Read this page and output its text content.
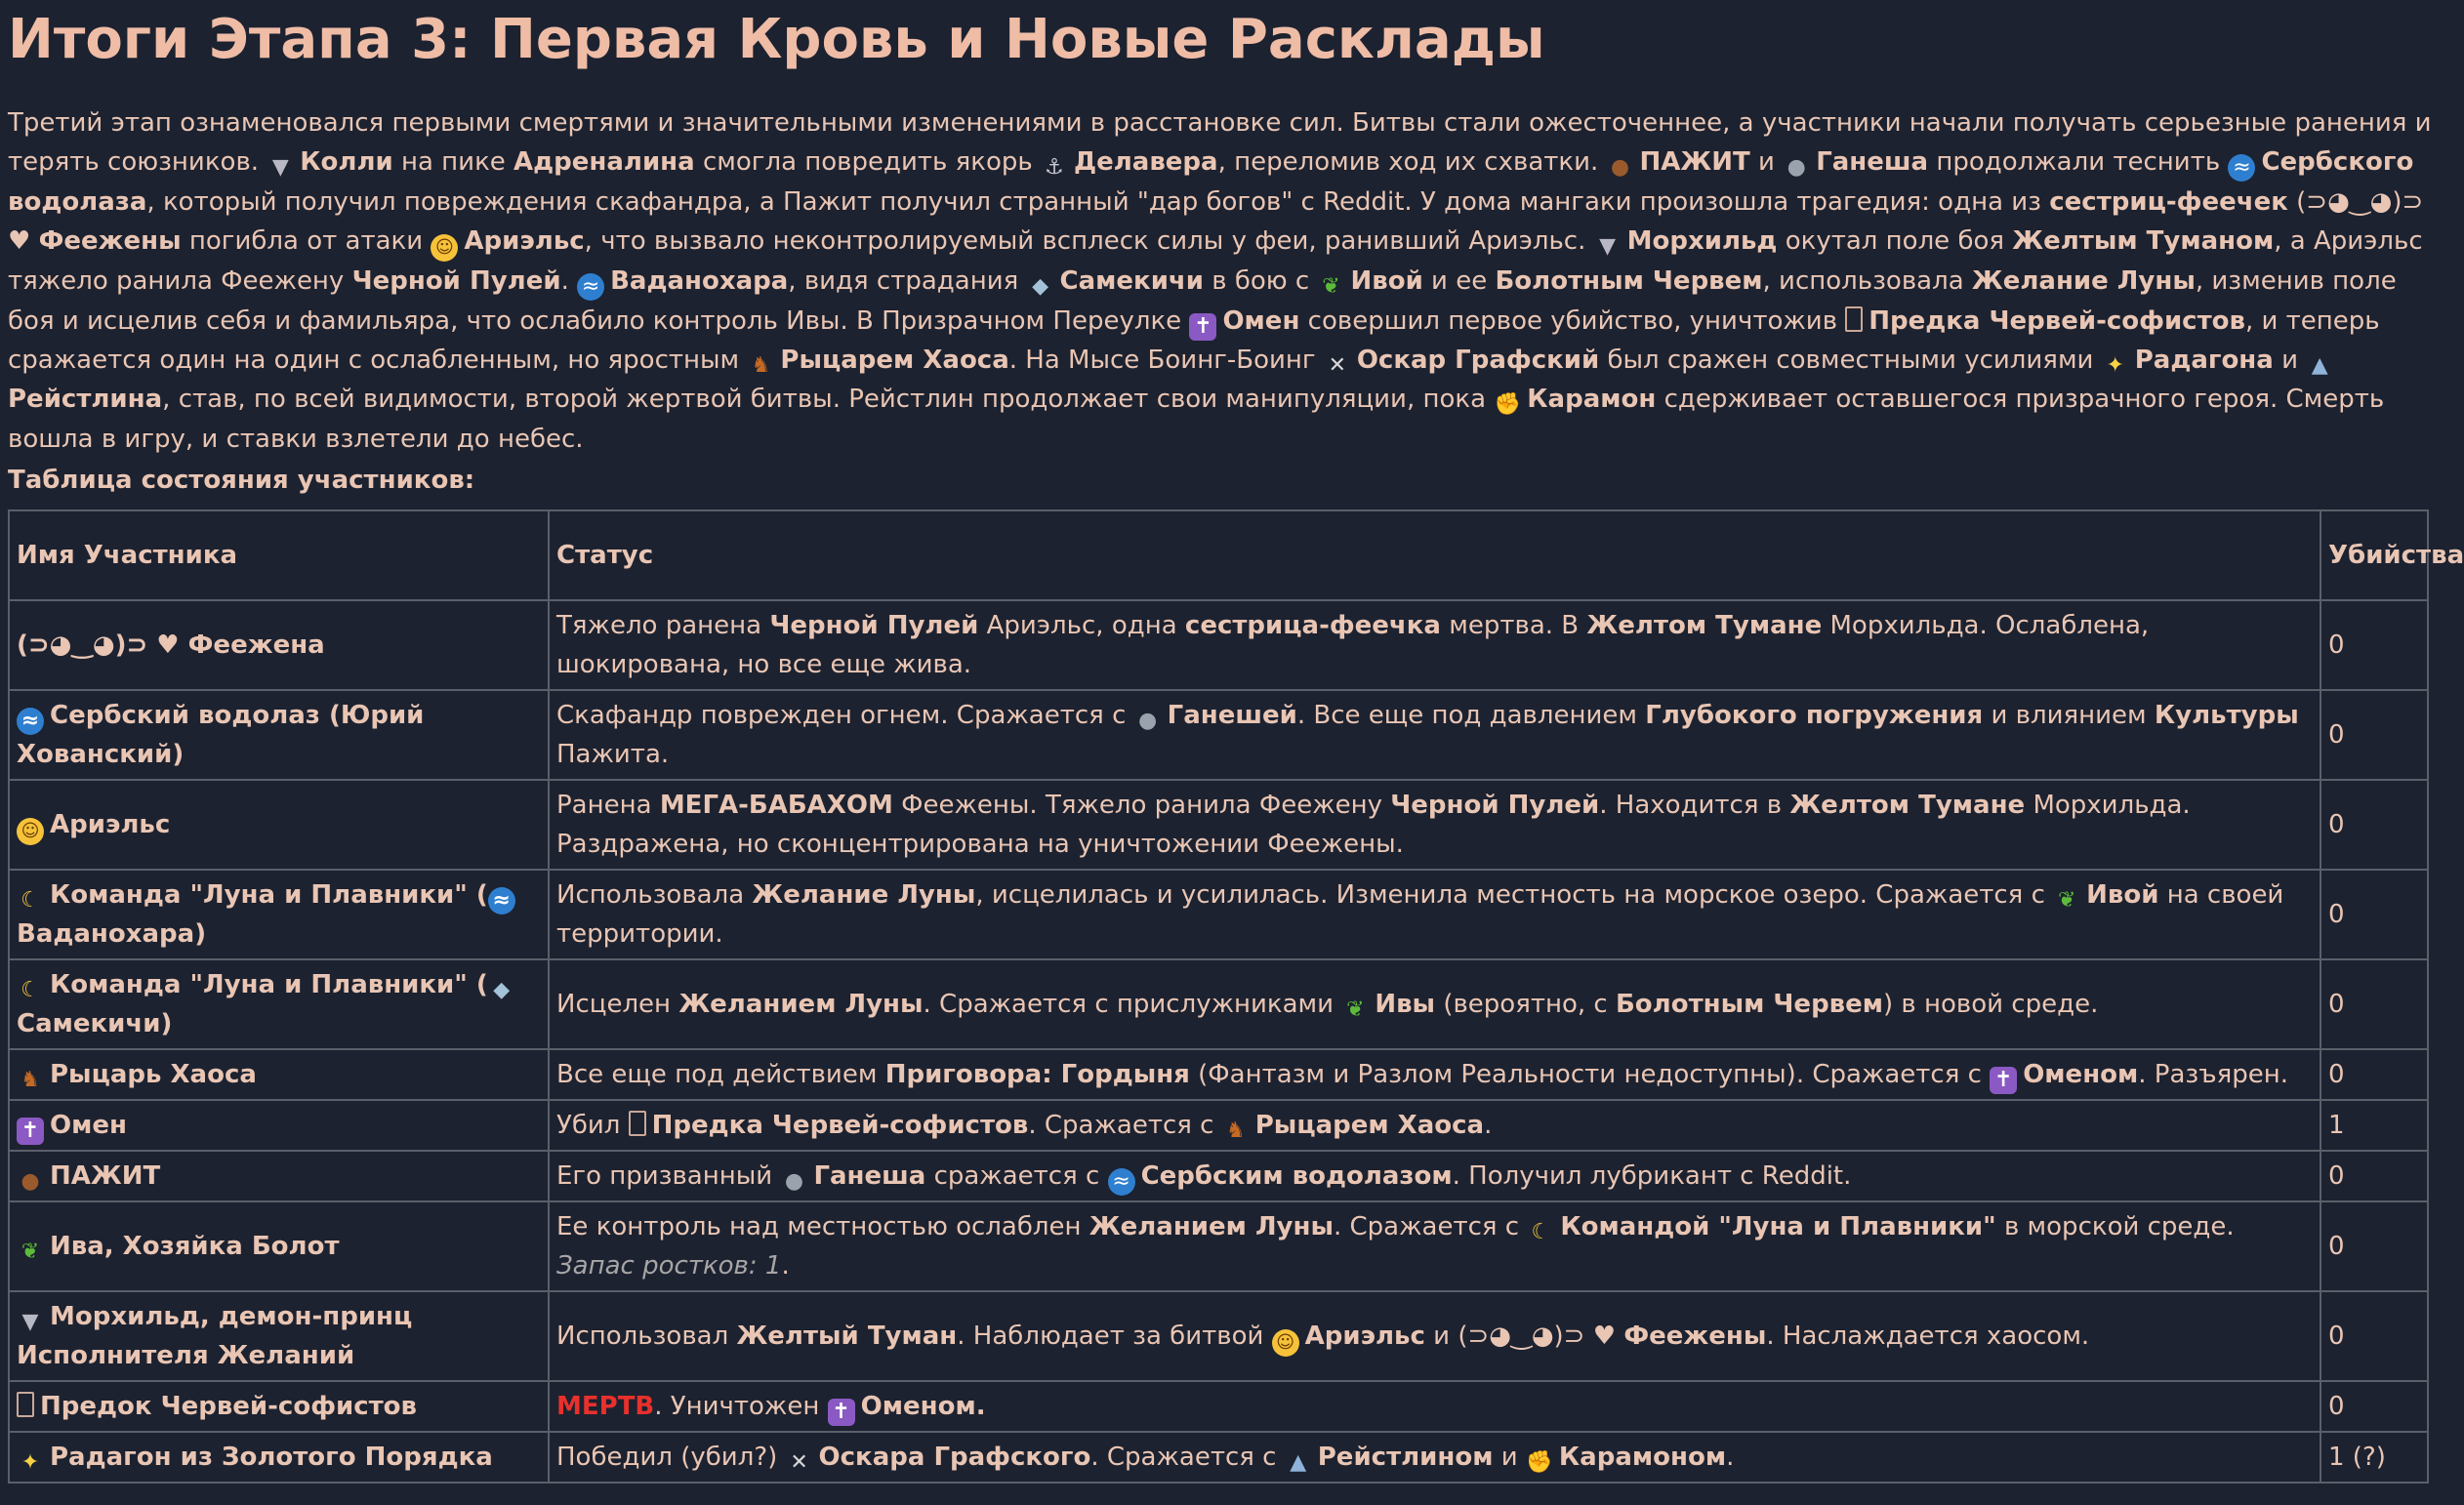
Итоги Этапа 3: Первая Кровь и Новые Расклады

Третий этап ознаменовался первыми смертями и значительными изменениями в расстановке сил. Битвы стали ожесточеннее, а участники начали получать серьезные ранения и терять союзников. ▼ Колли на пике Адреналина смогла повредить якорь ⚓ Делавера, переломив ход их схватки. ● ПАЖИТ и ● Ганеша продолжали теснить ≈ Сербского водолаза, который получил повреждения скафандра, а Пажит получил странный "дар богов" с Reddit. У дома мангаки произошла трагедия: одна из сестриц-феечек (⊃◕‿◕)⊃ ♥ Феежены погибла от атаки ☺ Ариэльс, что вызвало неконтролируемый всплеск силы у феи, ранивший Ариэльс. ▼ Морхильд окутал поле боя Желтым Туманом, а Ариэльс тяжело ранила Феежену Черной Пулей. ≈ Ваданохара, видя страдания ◆ Самекичи в бою с ❦ Ивой и ее Болотным Червем, использовала Желание Луны, изменив поле боя и исцелив себя и фамильяра, что ослабило контроль Ивы. В Призрачном Переулке ✝ Омен совершил первое убийство, уничтожив Предка Червей-софистов, и теперь сражается один на один с ослабленным, но яростным ♞ Рыцарем Хаоса. На Мысе Боинг-Боинг ✕ Оскар Графский был сражен совместными усилиями ✦ Радагона и ▲Рейстлина, став, по всей видимости, второй жертвой битвы. Рейстлин продолжает свои манипуляции, пока ✊ Карамон сдерживает оставшегося призрачного героя. Смерть вошла в игру, и ставки взлетели до небес.

Таблица состояния участников:
Имя Участника	Статус	Убийства
(⊃◕‿◕)⊃ ♥ Феежена	Тяжело ранена Черной Пулей Ариэльс, одна сестрица-феечка мертва. В Желтом Тумане Морхильда. Ослаблена, шокирована, но все еще жива.	0
≈ Сербский водолаз (Юрий Хованский)	Скафандр поврежден огнем. Сражается с ● Ганешей. Все еще под давлением Глубокого погружения и влиянием Культуры Пажита.	0
☺ Ариэльс	Ранена МЕГА-БАБАХОМ Феежены. Тяжело ранила Феежену Черной Пулей. Находится в Желтом Тумане Морхильда. Раздражена, но сконцентрирована на уничтожении Феежены.	0
☾ Команда "Луна и Плавники" ( ≈Ваданохара)	Использовала Желание Луны, исцелилась и усилилась. Изменила местность на морское озеро. Сражается с ❦ Ивой на своей территории.	0
☾ Команда "Луна и Плавники" ( ◆Самекичи)	Исцелен Желанием Луны. Сражается с прислужниками ❦ Ивы (вероятно, с Болотным Червем) в новой среде.	0
♞ Рыцарь Хаоса	Все еще под действием Приговора: Гордыня (Фантазм и Разлом Реальности недоступны). Сражается с ✝ Оменом. Разъярен.	0
✝ Омен	Убил Предка Червей-софистов. Сражается с ♞ Рыцарем Хаоса.	1
● ПАЖИТ	Его призванный ● Ганеша сражается с ≈ Сербским водолазом. Получил лубрикант с Reddit.	0
❦ Ива, Хозяйка Болот	Ее контроль над местностью ослаблен Желанием Луны. Сражается с ☾ Командой "Луна и Плавники" в морской среде. Запас ростков: 1.	0
▼ Морхильд, демон-принц Исполнителя Желаний	Использовал Желтый Туман. Наблюдает за битвой ☺ Ариэльс и (⊃◕‿◕)⊃ ♥ Феежены. Наслаждается хаосом.	0
Предок Червей-софистов	МЕРТВ. Уничтожен ✝ Оменом.	0
✦ Радагон из Золотого Порядка	Победил (убил?) ✕ Оскара Графского. Сражается с ▲ Рейстлином и ✊ Карамоном.	1 (?)
